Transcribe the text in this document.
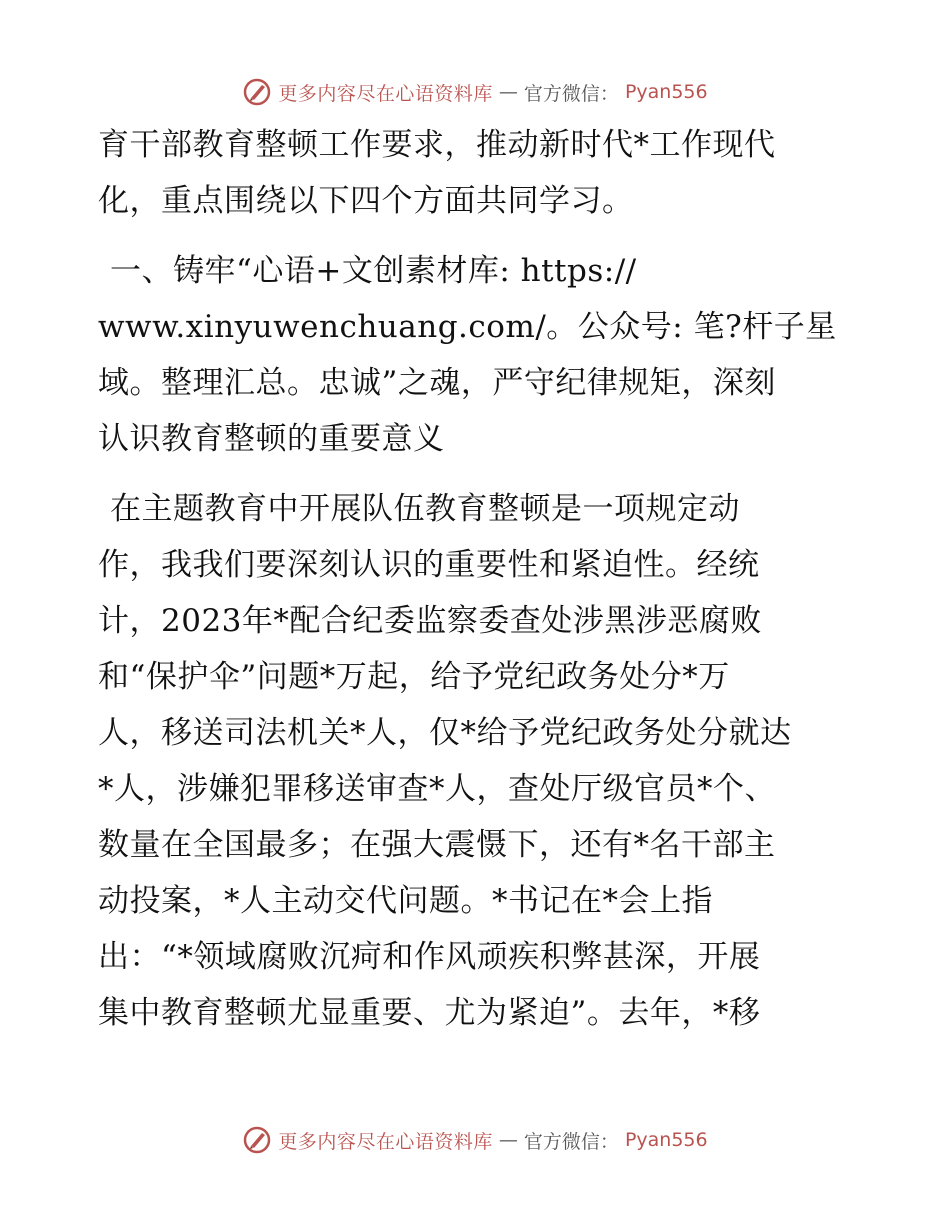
更多内容尽在心语资料库 — 官方微信： Pyan556
育干部教育整顿工作要求，推动新时代*工作现代
化，重点围绕以下四个方面共同学习。
一、铸牢“心语+文创素材库: https://
www.xinyuwenchuang.com/。公众号: 笔?杆子星
域。整理汇总。忠诚”之魂，严守纪律规矩，深刻
认识教育整顿的重要意义
在主题教育中开展队伍教育整顿是一项规定动
作，我我们要深刻认识的重要性和紧迫性。经统
计，2023年*配合纪委监察委查处涉黑涉恶腐败
和“保护伞”问题*万起，给予党纪政务处分*万
人，移送司法机关*人，仅*给予党纪政务处分就达
*人，涉嫌犯罪移送审查*人，查处厅级官员*个、
数量在全国最多；在强大震慑下，还有*名干部主
动投案，*人主动交代问题。*书记在*会上指
出：“*领域腐败沉疴和作风顽疾积弊甚深，开展
集中教育整顿尤显重要、尤为紧迫”。去年，*移
更多内容尽在心语资料库 — 官方微信： Pyan556
